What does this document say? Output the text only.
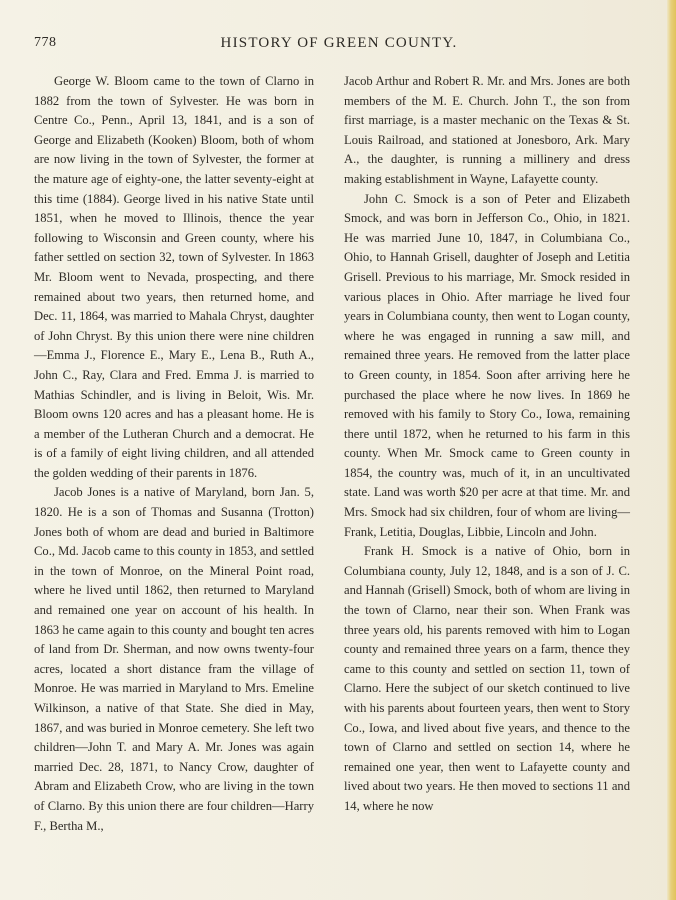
778	HISTORY OF GREEN COUNTY.

George W. Bloom came to the town of Clarno in 1882 from the town of Sylvester. He was born in Centre Co., Penn., April 13, 1841, and is a son of George and Elizabeth (Kooken) Bloom, both of whom are now living in the town of Sylvester, the former at the mature age of eighty-one, the latter seventy-eight at this time (1884). George lived in his native State until 1851, when he moved to Illinois, thence the year following to Wisconsin and Green county, where his father settled on section 32, town of Sylvester. In 1863 Mr. Bloom went to Nevada, prospecting, and there remained about two years, then returned home, and Dec. 11, 1864, was married to Mahala Chryst, daughter of John Chryst. By this union there were nine children—Emma J., Florence E., Mary E., Lena B., Ruth A., John C., Ray, Clara and Fred. Emma J. is married to Mathias Schindler, and is living in Beloit, Wis. Mr. Bloom owns 120 acres and has a pleasant home. He is a member of the Lutheran Church and a democrat. He is of a family of eight living children, and all attended the golden wedding of their parents in 1876.

Jacob Jones is a native of Maryland, born Jan. 5, 1820. He is a son of Thomas and Susanna (Trotton) Jones both of whom are dead and buried in Baltimore Co., Md. Jacob came to this county in 1853, and settled in the town of Monroe, on the Mineral Point road, where he lived until 1862, then returned to Maryland and remained one year on account of his health. In 1863 he came again to this county and bought ten acres of land from Dr. Sherman, and now owns twenty-four acres, located a short distance fram the village of Monroe. He was married in Maryland to Mrs. Emeline Wilkinson, a native of that State. She died in May, 1867, and was buried in Monroe cemetery. She left two children—John T. and Mary A. Mr. Jones was again married Dec. 28, 1871, to Nancy Crow, daughter of Abram and Elizabeth Crow, who are living in the town of Clarno. By this union there are four children—Harry F., Bertha M.,

Jacob Arthur and Robert R. Mr. and Mrs. Jones are both members of the M. E. Church. John T., the son from first marriage, is a master mechanic on the Texas & St. Louis Railroad, and stationed at Jonesboro, Ark. Mary A., the daughter, is running a millinery and dress making establishment in Wayne, Lafayette county.

John C. Smock is a son of Peter and Elizabeth Smock, and was born in Jefferson Co., Ohio, in 1821. He was married June 10, 1847, in Columbiana Co., Ohio, to Hannah Grisell, daughter of Joseph and Letitia Grisell. Previous to his marriage, Mr. Smock resided in various places in Ohio. After marriage he lived four years in Columbiana county, then went to Logan county, where he was engaged in running a saw mill, and remained three years. He removed from the latter place to Green county, in 1854. Soon after arriving here he purchased the place where he now lives. In 1869 he removed with his family to Story Co., Iowa, remaining there until 1872, when he returned to his farm in this county. When Mr. Smock came to Green county in 1854, the country was, much of it, in an uncultivated state. Land was worth $20 per acre at that time. Mr. and Mrs. Smock had six children, four of whom are living—Frank, Letitia, Douglas, Libbie, Lincoln and John.

Frank H. Smock is a native of Ohio, born in Columbiana county, July 12, 1848, and is a son of J. C. and Hannah (Grisell) Smock, both of whom are living in the town of Clarno, near their son. When Frank was three years old, his parents removed with him to Logan county and remained three years on a farm, thence they came to this county and settled on section 11, town of Clarno. Here the subject of our sketch continued to live with his parents about fourteen years, then went to Story Co., Iowa, and lived about five years, and thence to the town of Clarno and settled on section 14, where he remained one year, then went to Lafayette county and lived about two years. He then moved to sections 11 and 14, where he now
